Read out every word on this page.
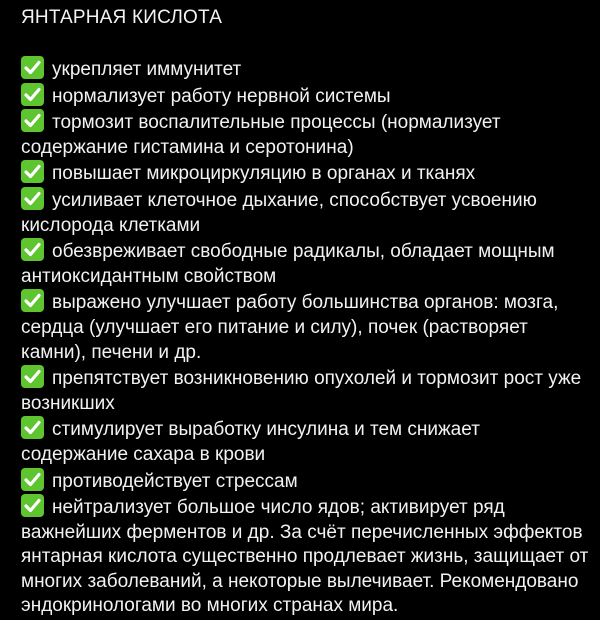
ЯНТАРНАЯ КИСЛОТА
укрепляет иммунитет
нормализует работу нервной системы
тормозит воспалительные процессы (нормализует содержание гистамина и серотонина)
повышает микроциркуляцию в органах и тканях
усиливает клеточное дыхание, способствует усвоению кислорода клетками
обезвреживает свободные радикалы, обладает мощным антиоксидантным свойством
выражено улучшает работу большинства органов: мозга, сердца (улучшает его питание и силу), почек (растворяет камни), печени и др.
препятствует возникновению опухолей и тормозит рост уже возникших
стимулирует выработку инсулина и тем снижает содержание сахара в крови
противодействует стрессам
нейтрализует большое число ядов; активирует ряд важнейших ферментов и др. За счёт перечисленных эффектов янтарная кислота существенно продлевает жизнь, защищает от многих заболеваний, а некоторые вылечивает. Рекомендовано эндокринологами во многих странах мира.
